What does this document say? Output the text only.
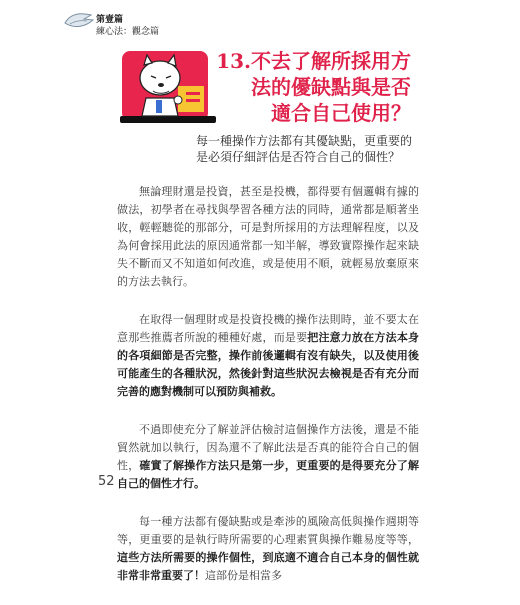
第壹篇
練心法：觀念篇
13.不去了解所採用方
法的優缺點與是否
適合自己使用？
每一種操作方法都有其優缺點，更重要的
是必須仔細評估是否符合自己的個性？

無論理財還是投資，甚至是投機，都得要有個邏輯有據的做法，初學者在尋找與學習各種方法的同時，通常都是順著坐收，輕輕聽從的那部分，可是對所採用的方法理解程度，以及為何會採用此法的原因通常都一知半解，導致實際操作起來缺失不斷而又不知道如何改進，或是使用不順，就輕易放棄原來的方法去執行。

在取得一個理財或是投資投機的操作法則時，並不要太在意那些推薦者所說的種種好處，而是要把注意力放在方法本身的各項細節是否完整，操作前後邏輯有沒有缺失，以及使用後可能產生的各種狀況，然後針對這些狀況去檢視是否有充分而完善的應對機制可以預防與補救。

不過即使充分了解並評估檢討這個操作方法後，還是不能貿然就加以執行，因為還不了解此法是否真的能符合自己的個性，確實了解操作方法只是第一步，更重要的是得要充分了解自己的個性才行。

每一種方法都有優缺點或是牽涉的風險高低與操作週期等等，更重要的是執行時所需要的心理素質與操作難易度等等，這些方法所需要的操作個性，到底適不適合自己本身的個性就非常非常重要了！這部份是相當多

52
